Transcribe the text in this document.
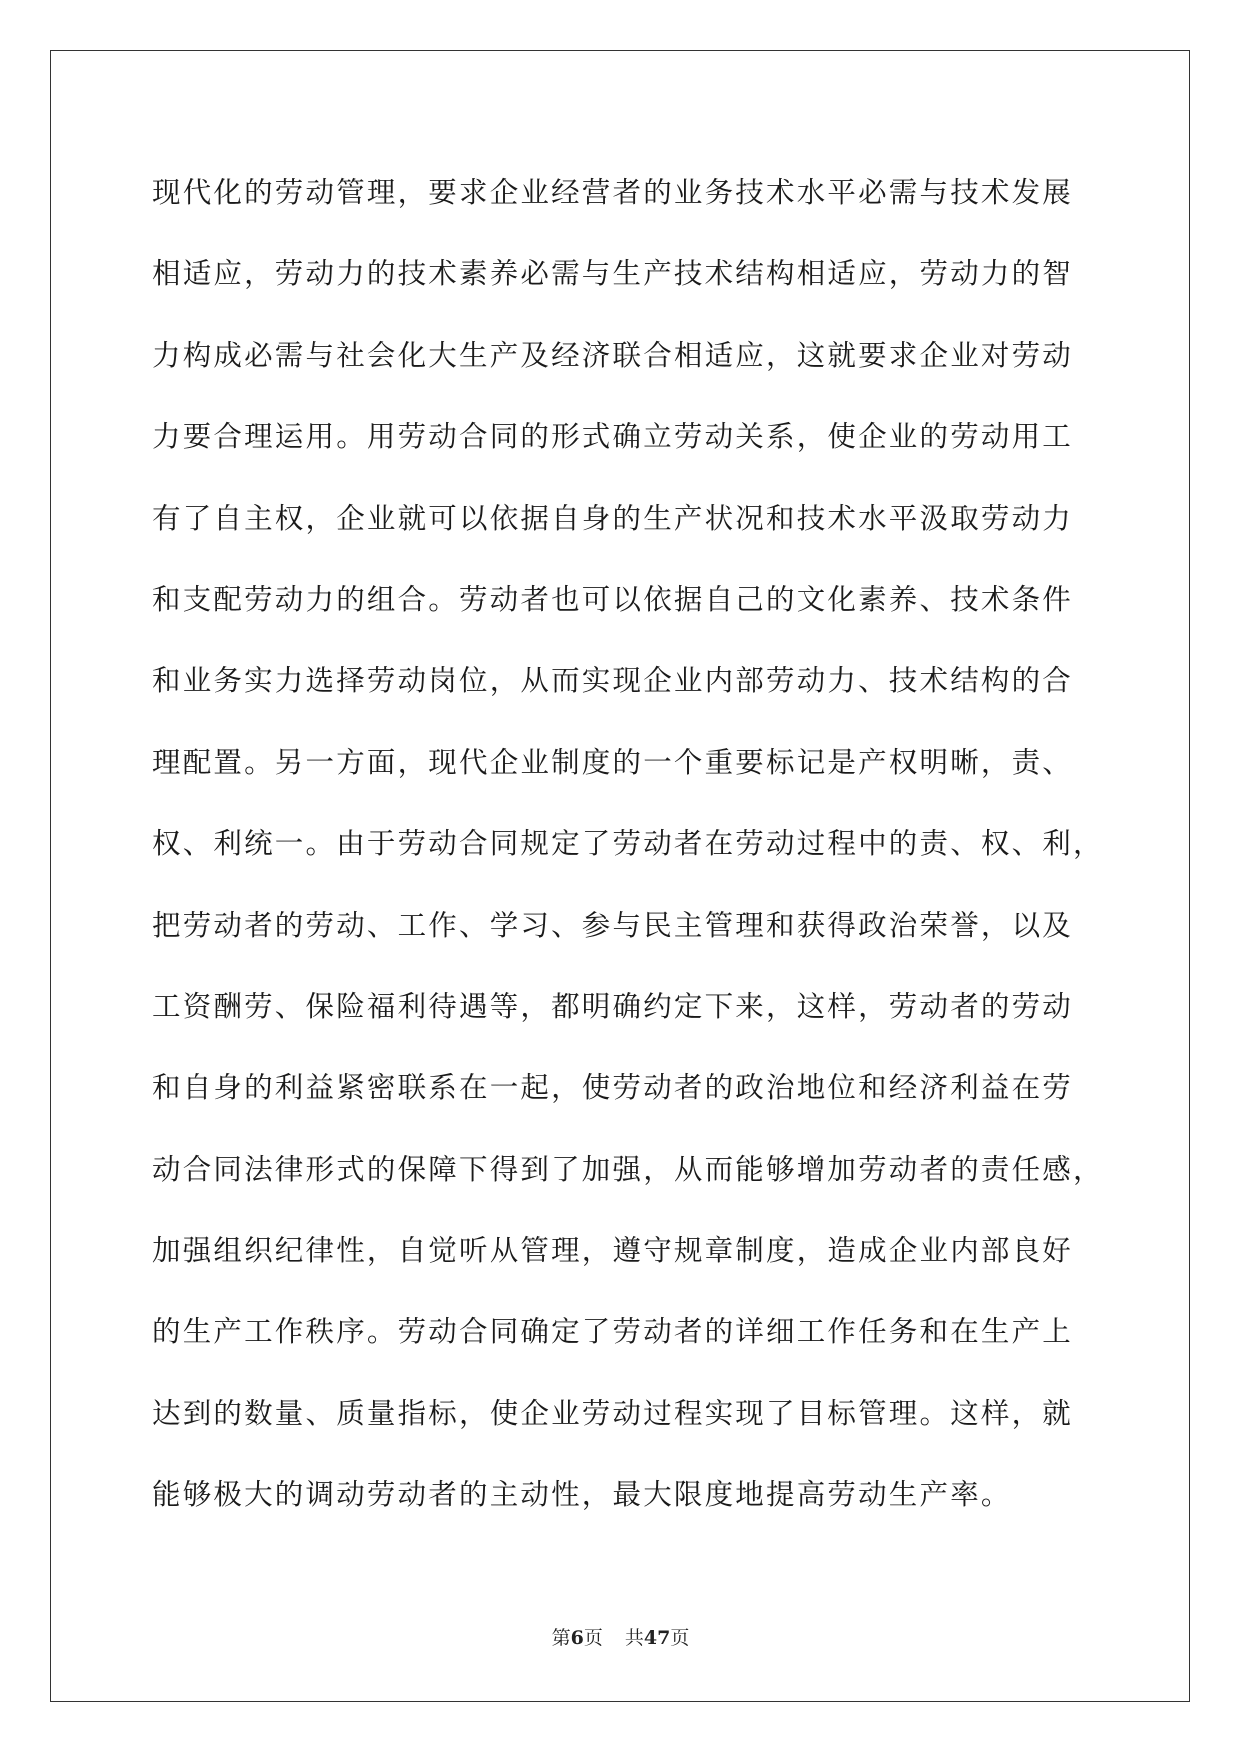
现代化的劳动管理，要求企业经营者的业务技术水平必需与技术发展
相适应，劳动力的技术素养必需与生产技术结构相适应，劳动力的智
力构成必需与社会化大生产及经济联合相适应，这就要求企业对劳动
力要合理运用。用劳动合同的形式确立劳动关系，使企业的劳动用工
有了自主权，企业就可以依据自身的生产状况和技术水平汲取劳动力
和支配劳动力的组合。劳动者也可以依据自己的文化素养、技术条件
和业务实力选择劳动岗位，从而实现企业内部劳动力、技术结构的合
理配置。另一方面，现代企业制度的一个重要标记是产权明晰，责、
权、利统一。由于劳动合同规定了劳动者在劳动过程中的责、权、利，
把劳动者的劳动、工作、学习、参与民主管理和获得政治荣誉，以及
工资酬劳、保险福利待遇等，都明确约定下来，这样，劳动者的劳动
和自身的利益紧密联系在一起，使劳动者的政治地位和经济利益在劳
动合同法律形式的保障下得到了加强，从而能够增加劳动者的责任感，
加强组织纪律性，自觉听从管理，遵守规章制度，造成企业内部良好
的生产工作秩序。劳动合同确定了劳动者的详细工作任务和在生产上
达到的数量、质量指标，使企业劳动过程实现了目标管理。这样，就
能够极大的调动劳动者的主动性，最大限度地提高劳动生产率。
第6页 共47页
